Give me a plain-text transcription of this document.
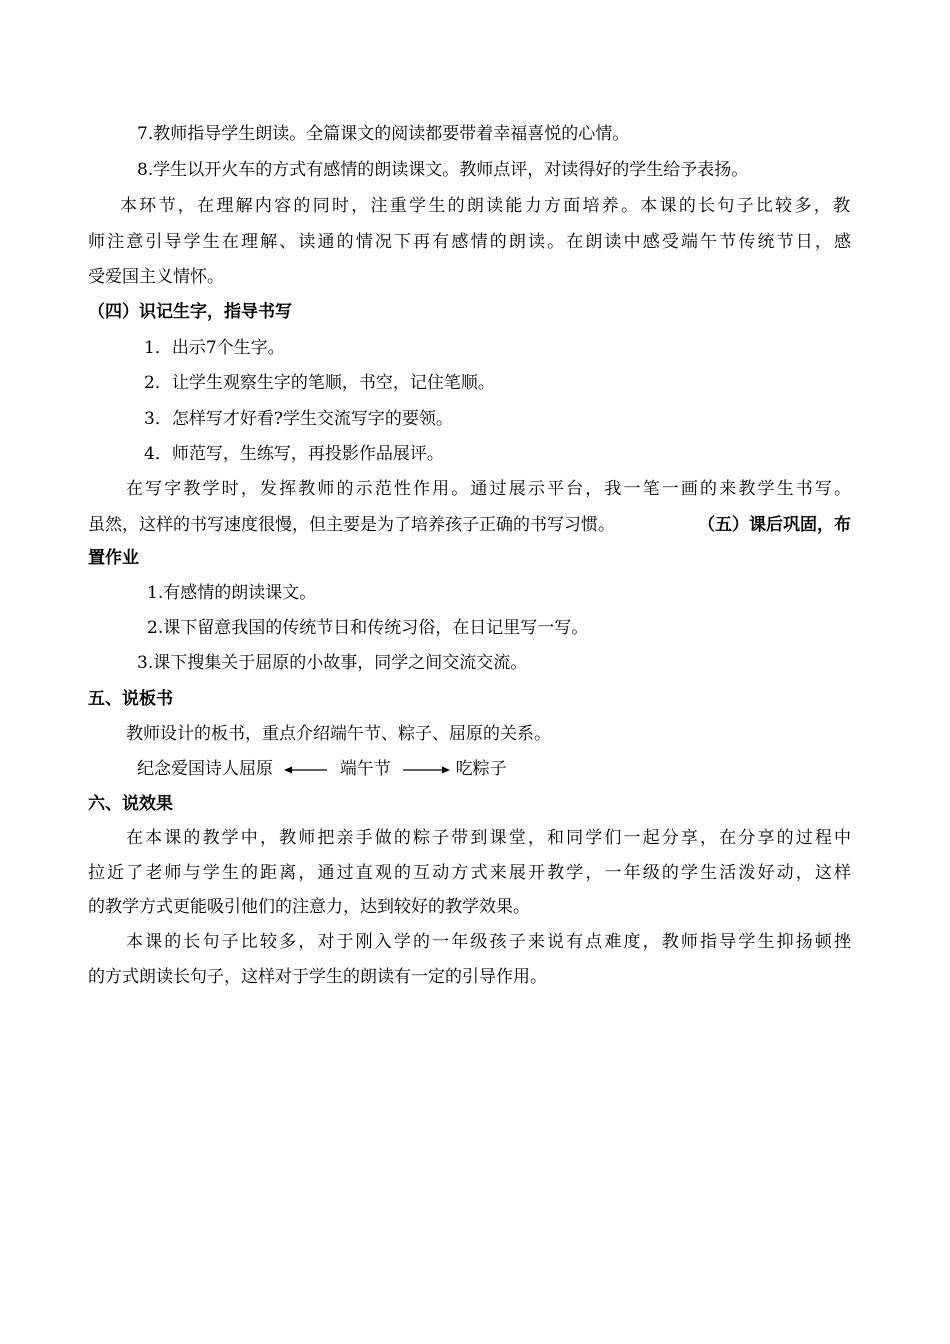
7.教师指导学生朗读。全篇课文的阅读都要带着幸福喜悦的心情。
8.学生以开火车的方式有感情的朗读课文。教师点评，对读得好的学生给予表扬。
本环节，在理解内容的同时，注重学生的朗读能力方面培养。本课的长句子比较多，教
师注意引导学生在理解、读通的情况下再有感情的朗读。在朗读中感受端午节传统节日，感
受爱国主义情怀。
（四）识记生字，指导书写
1．出示7个生字。
2．让学生观察生字的笔顺，书空，记住笔顺。
3．怎样写才好看?学生交流写字的要领。
4．师范写，生练写，再投影作品展评。
在写字教学时，发挥教师的示范性作用。通过展示平台，我一笔一画的来教学生书写。
虽然，这样的书写速度很慢，但主要是为了培养孩子正确的书写习惯。	（五）课后巩固，布
置作业
1.有感情的朗读课文。
2.课下留意我国的传统节日和传统习俗，在日记里写一写。
3.课下搜集关于屈原的小故事，同学之间交流交流。
五、说板书
教师设计的板书，重点介绍端午节、粽子、屈原的关系。
纪念爱国诗人屈原	端午节	吃粽子
六、说效果
在本课的教学中，教师把亲手做的粽子带到课堂，和同学们一起分享，在分享的过程中
拉近了老师与学生的距离，通过直观的互动方式来展开教学，一年级的学生活泼好动，这样
的教学方式更能吸引他们的注意力，达到较好的教学效果。
本课的长句子比较多，对于刚入学的一年级孩子来说有点难度，教师指导学生抑扬顿挫
的方式朗读长句子，这样对于学生的朗读有一定的引导作用。
